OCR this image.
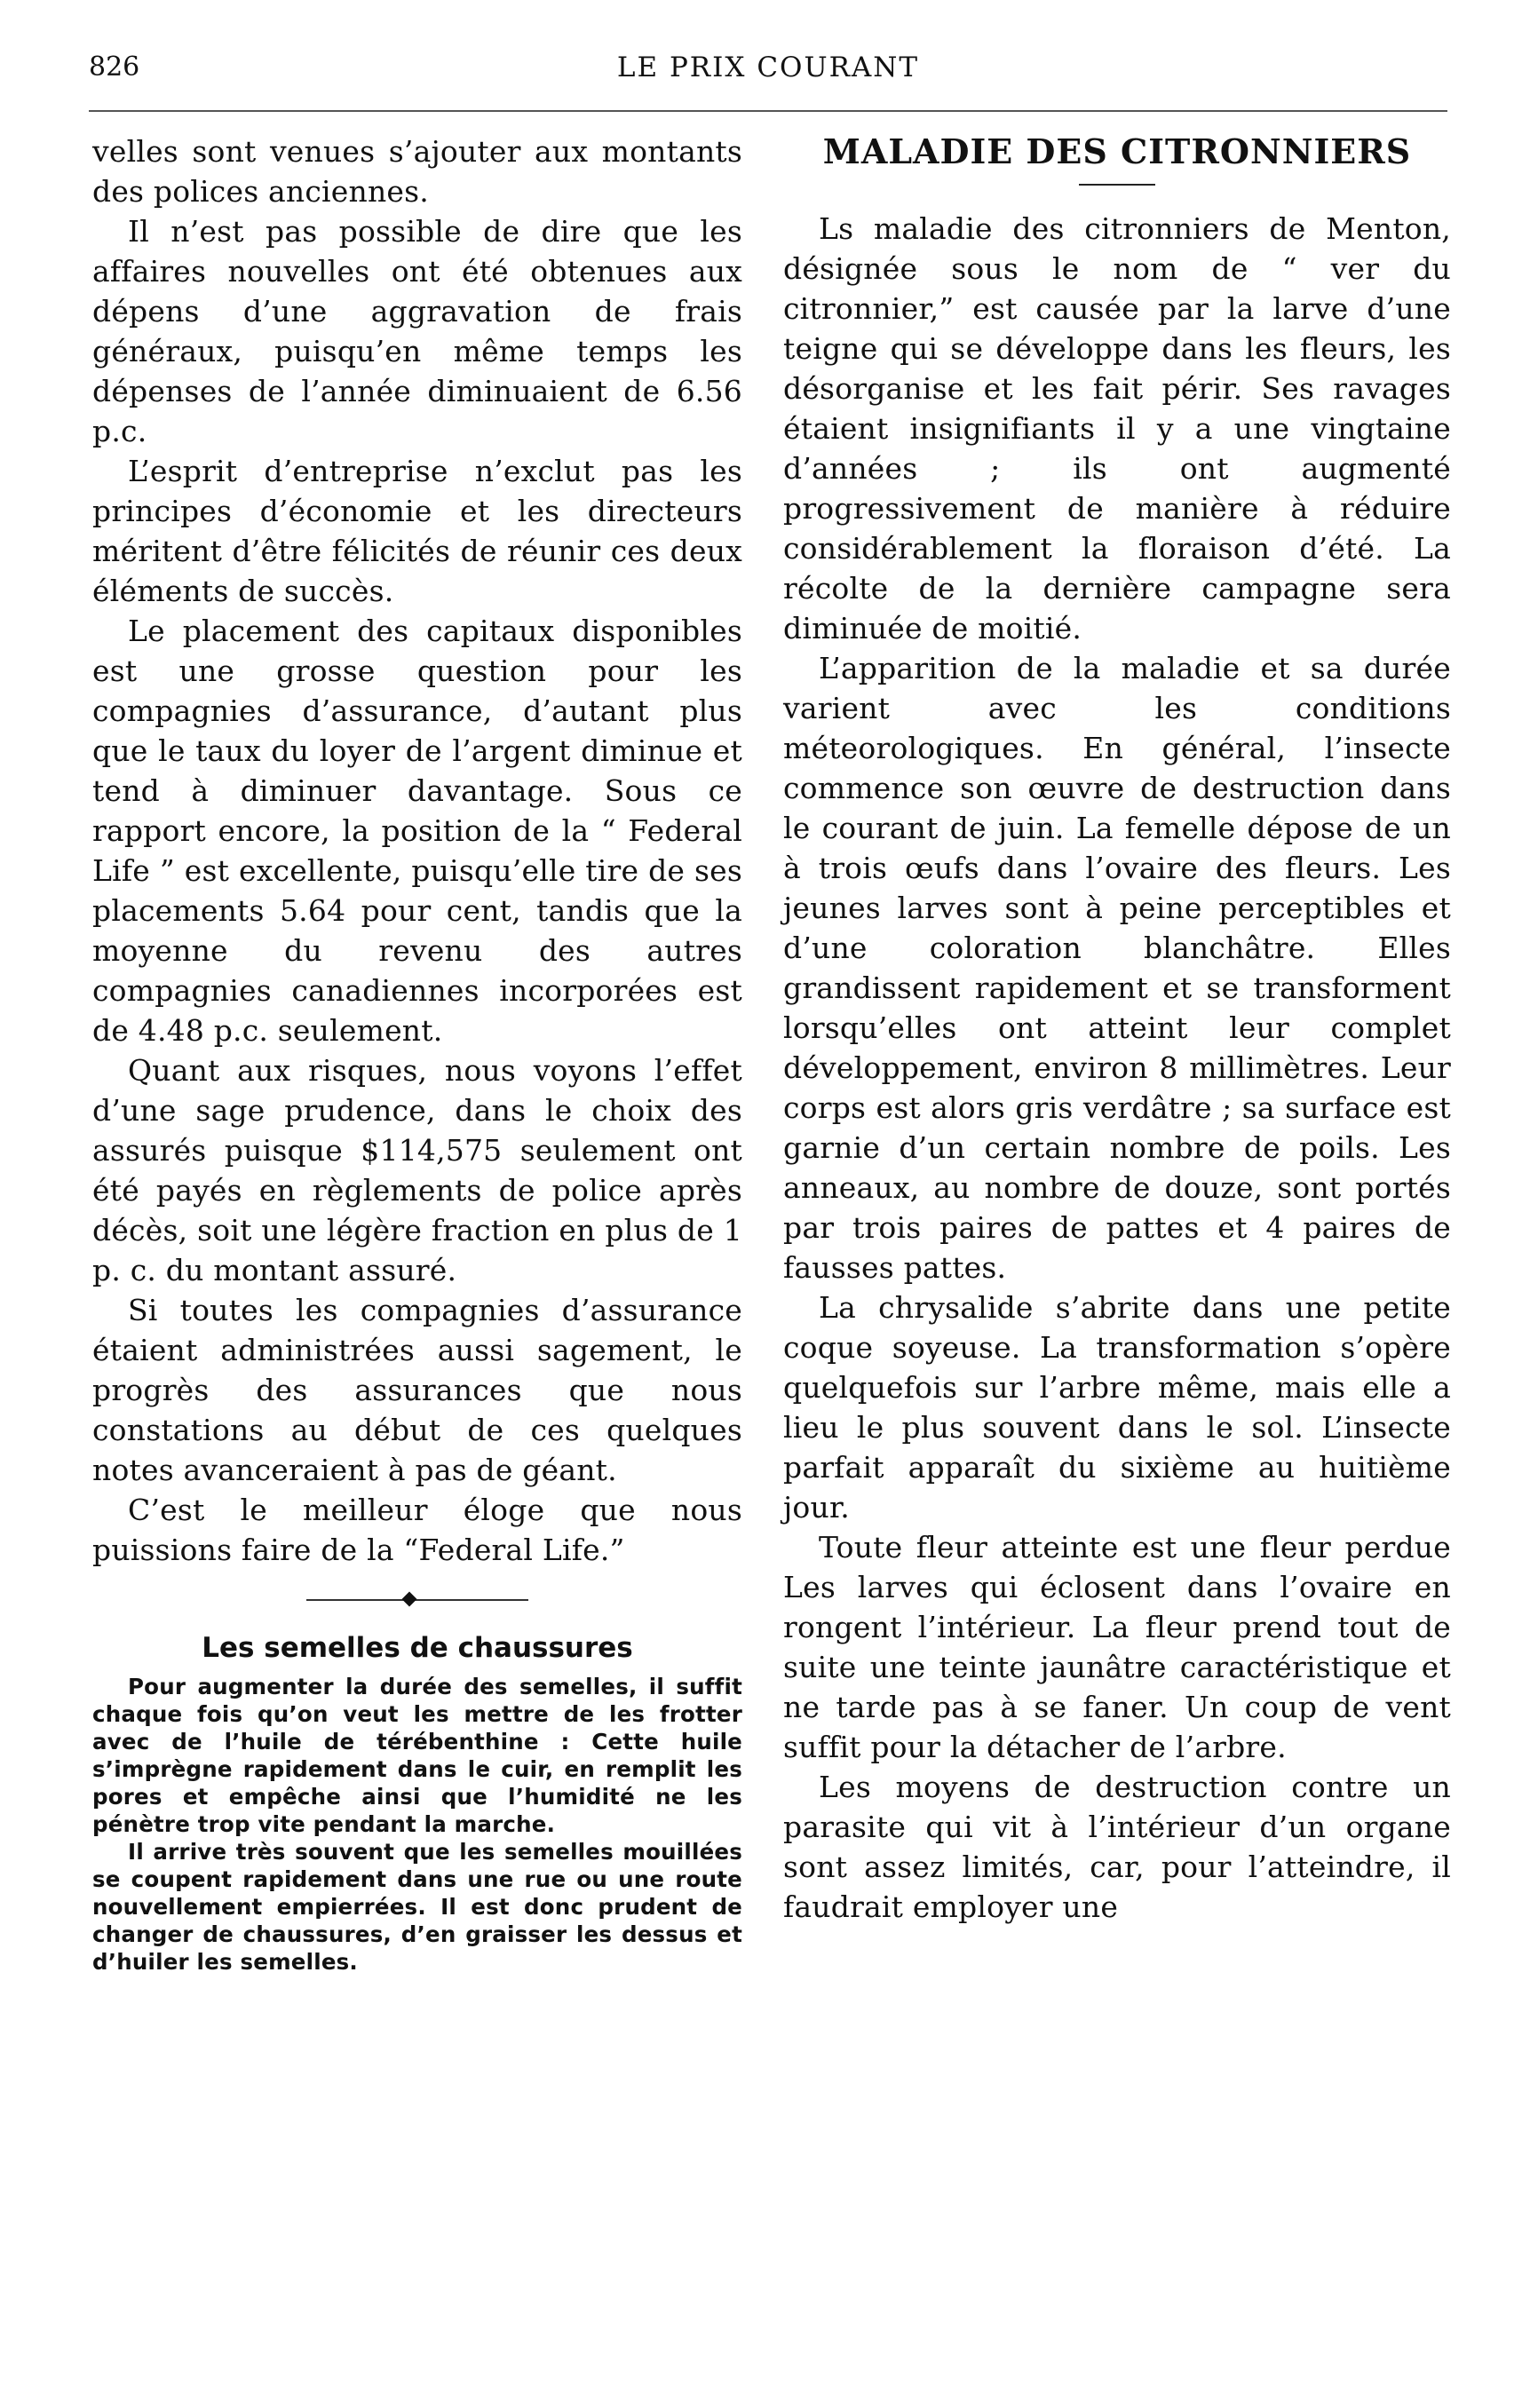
826	LE PRIX COURANT

velles sont venues s’ajouter aux montants des polices anciennes.

Il n’est pas possible de dire que les affaires nouvelles ont été obtenues aux dépens d’une aggravation de frais généraux, puisqu’en même temps les dépenses de l’année diminuaient de 6.56 p.c.

L’esprit d’entreprise n’exclut pas les principes d’économie et les directeurs méritent d’être félicités de réunir ces deux éléments de succès.

Le placement des capitaux disponibles est une grosse question pour les compagnies d’assurance, d’autant plus que le taux du loyer de l’argent diminue et tend à diminuer davantage. Sous ce rapport encore, la position de la “ Federal Life ” est excellente, puisqu’elle tire de ses placements 5.64 pour cent, tandis que la moyenne du revenu des autres compagnies canadiennes incorporées est de 4.48 p.c. seulement.

Quant aux risques, nous voyons l’effet d’une sage prudence, dans le choix des assurés puisque $114,575 seulement ont été payés en règlements de police après décès, soit une légère fraction en plus de 1 p. c. du montant assuré.

Si toutes les compagnies d’assurance étaient administrées aussi sagement, le progrès des assurances que nous constations au début de ces quelques notes avanceraient à pas de géant.

C’est le meilleur éloge que nous puissions faire de la “Federal Life.”

Les semelles de chaussures

Pour augmenter la durée des semelles, il suffit chaque fois qu’on veut les mettre de les frotter avec de l’huile de térébenthine : Cette huile s’imprègne rapidement dans le cuir, en remplit les pores et empêche ainsi que l’humidité ne les pénètre trop vite pendant la marche.

Il arrive très souvent que les semelles mouillées se coupent rapidement dans une rue ou une route nouvellement empierrées. Il est donc prudent de changer de chaussures, d’en graisser les dessus et d’huiler les semelles.

MALADIE DES CITRONNIERS

Ls maladie des citronniers de Menton, désignée sous le nom de “ ver du citronnier,” est causée par la larve d’une teigne qui se développe dans les fleurs, les désorganise et les fait périr. Ses ravages étaient insignifiants il y a une vingtaine d’années ; ils ont augmenté progressivement de manière à réduire considérablement la floraison d’été. La récolte de la dernière campagne sera diminuée de moitié.

L’apparition de la maladie et sa durée varient avec les conditions méteorologiques. En général, l’insecte commence son œuvre de destruction dans le courant de juin. La femelle dépose de un à trois œufs dans l’ovaire des fleurs. Les jeunes larves sont à peine perceptibles et d’une coloration blanchâtre. Elles grandissent rapidement et se transforment lorsqu’elles ont atteint leur complet développement, environ 8 millimètres. Leur corps est alors gris verdâtre ; sa surface est garnie d’un certain nombre de poils. Les anneaux, au nombre de douze, sont portés par trois paires de pattes et 4 paires de fausses pattes.

La chrysalide s’abrite dans une petite coque soyeuse. La transformation s’opère quelquefois sur l’arbre même, mais elle a lieu le plus souvent dans le sol. L’insecte parfait apparaît du sixième au huitième jour.

Toute fleur atteinte est une fleur perdue Les larves qui éclosent dans l’ovaire en rongent l’intérieur. La fleur prend tout de suite une teinte jaunâtre caractéristique et ne tarde pas à se faner. Un coup de vent suffit pour la détacher de l’arbre.

Les moyens de destruction contre un parasite qui vit à l’intérieur d’un organe sont assez limités, car, pour l’atteindre, il faudrait employer une
